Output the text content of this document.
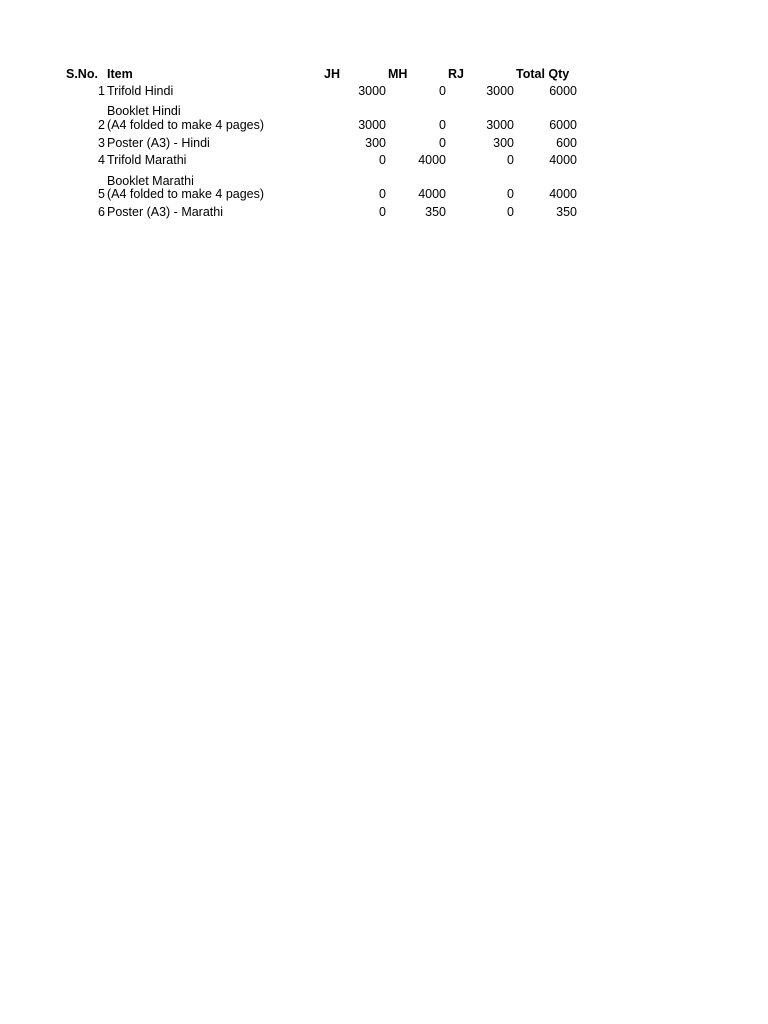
S.No. Item	JH	MH	RJ	Total Qty
1 Trifold Hindi	3000	0	3000	6000
Booklet Hindi
2 (A4 folded to make 4 pages)	3000	0	3000	6000
3 Poster (A3) - Hindi	300	0	300	600
4 Trifold Marathi	0	4000	0	4000
Booklet Marathi
5 (A4 folded to make 4 pages)	0	4000	0	4000
6 Poster (A3) - Marathi	0	350	0	350
